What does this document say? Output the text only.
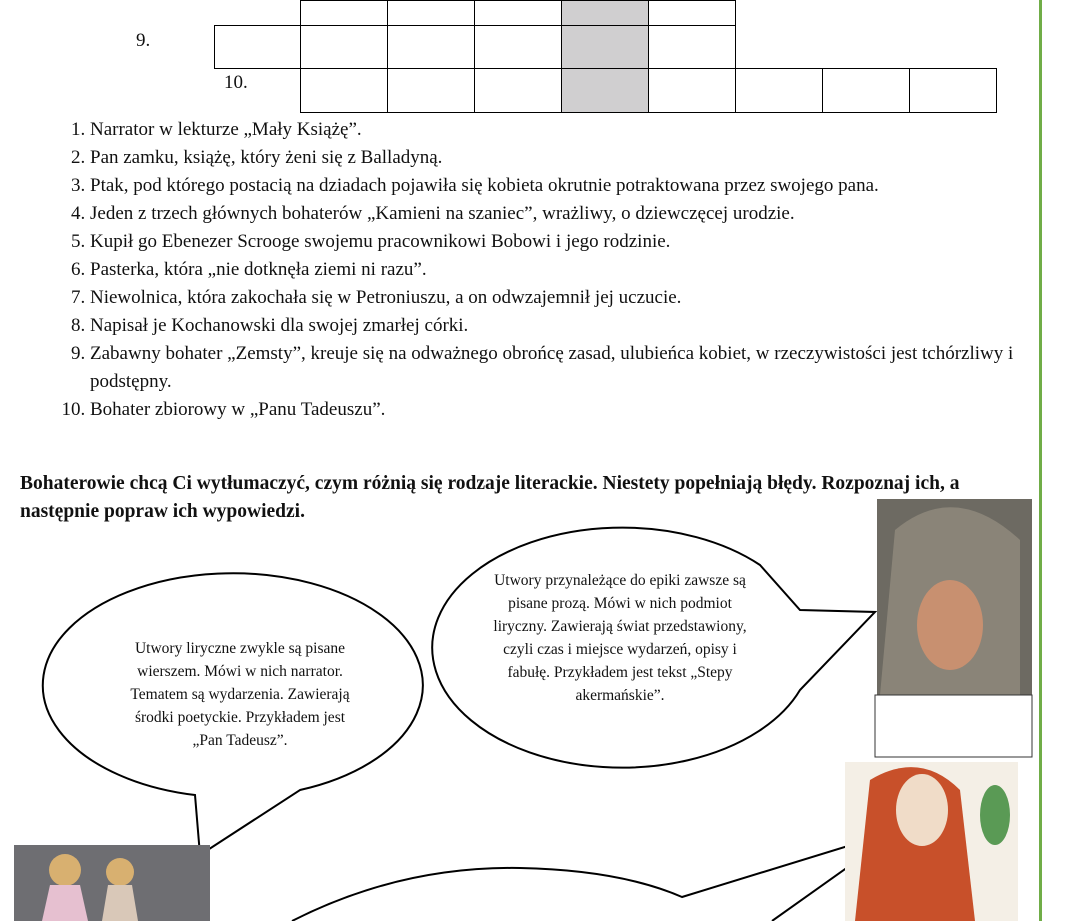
9.
10.
1. Narrator w lekturze „Mały Książę”.
2. Pan zamku, książę, który żeni się z Balladyną.
3. Ptak, pod którego postacią na dziadach pojawiła się kobieta okrutnie potraktowana przez swojego pana.
4. Jeden z trzech głównych bohaterów „Kamieni na szaniec”, wrażliwy, o dziewczęcej urodzie.
5. Kupił go Ebenezer Scrooge swojemu pracownikowi Bobowi i jego rodzinie.
6. Pasterka, która „nie dotknęła ziemi ni razu”.
7. Niewolnica, która zakochała się w Petroniuszu, a on odwzajemnił jej uczucie.
8. Napisał je Kochanowski dla swojej zmarłej córki.
9. Zabawny bohater „Zemsty”, kreuje się na odważnego obrońcę zasad, ulubieńca kobiet, w rzeczywistości jest tchórzliwy i podstępny.
10. Bohater zbiorowy w „Panu Tadeuszu”.
Bohaterowie chcą Ci wytłumaczyć, czym różnią się rodzaje literackie. Niestety popełniają błędy. Rozpoznaj ich, a następnie popraw ich wypowiedzi.
Utwory liryczne zwykle są pisane wierszem. Mówi w nich narrator. Tematem są wydarzenia. Zawierają środki poetyckie. Przykładem jest „Pan Tadeusz”.
Utwory przynależące do epiki zawsze są pisane prozą. Mówi w nich podmiot liryczny. Zawierają świat przedstawiony, czyli czas i miejsce wydarzeń, opisy i fabułę. Przykładem jest tekst „Stepy akermańskie”.
